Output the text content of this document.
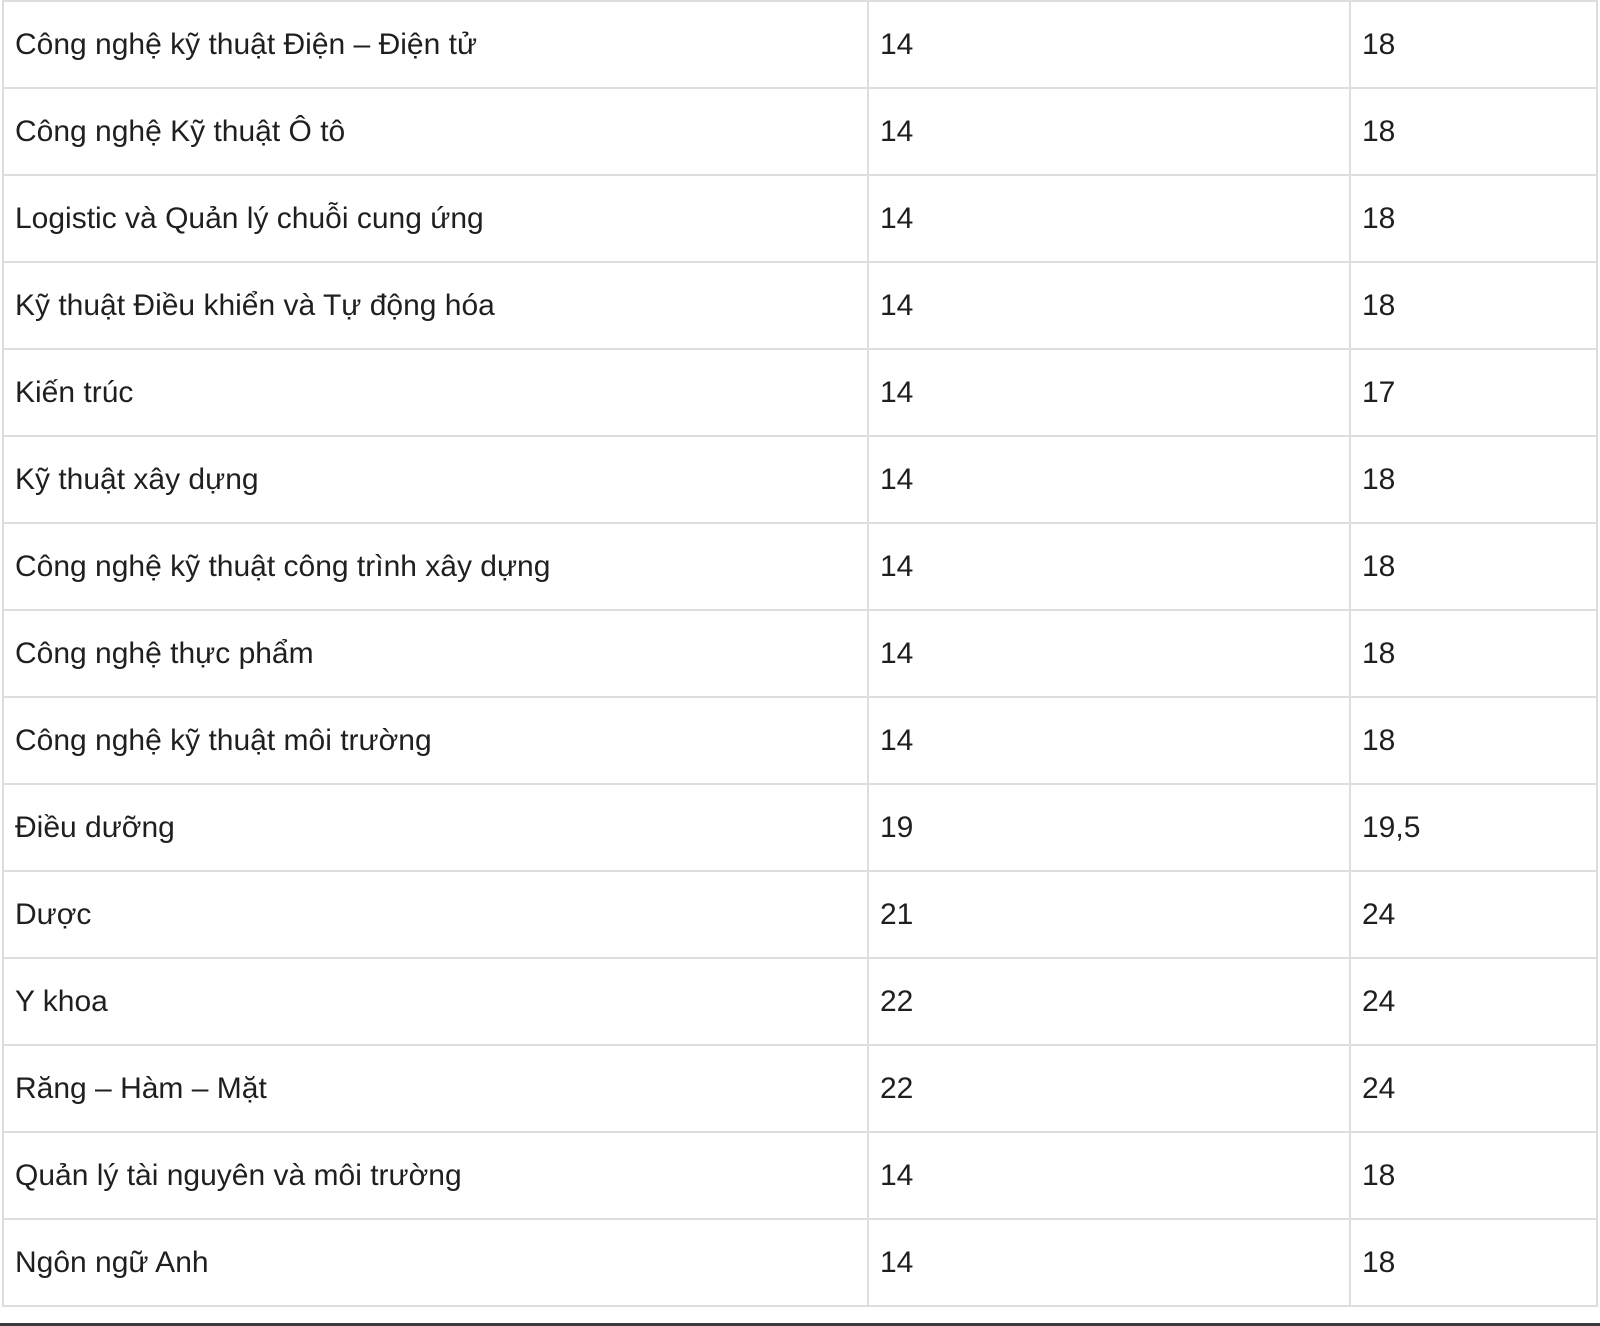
Công nghệ kỹ thuật Điện – Điện tử	14	18
Công nghệ Kỹ thuật Ô tô	14	18
Logistic và Quản lý chuỗi cung ứng	14	18
Kỹ thuật Điều khiển và Tự động hóa	14	18
Kiến trúc	14	17
Kỹ thuật xây dựng	14	18
Công nghệ kỹ thuật công trình xây dựng	14	18
Công nghệ thực phẩm	14	18
Công nghệ kỹ thuật môi trường	14	18
Điều dưỡng	19	19,5
Dược	21	24
Y khoa	22	24
Răng – Hàm – Mặt	22	24
Quản lý tài nguyên và môi trường	14	18
Ngôn ngữ Anh	14	18
